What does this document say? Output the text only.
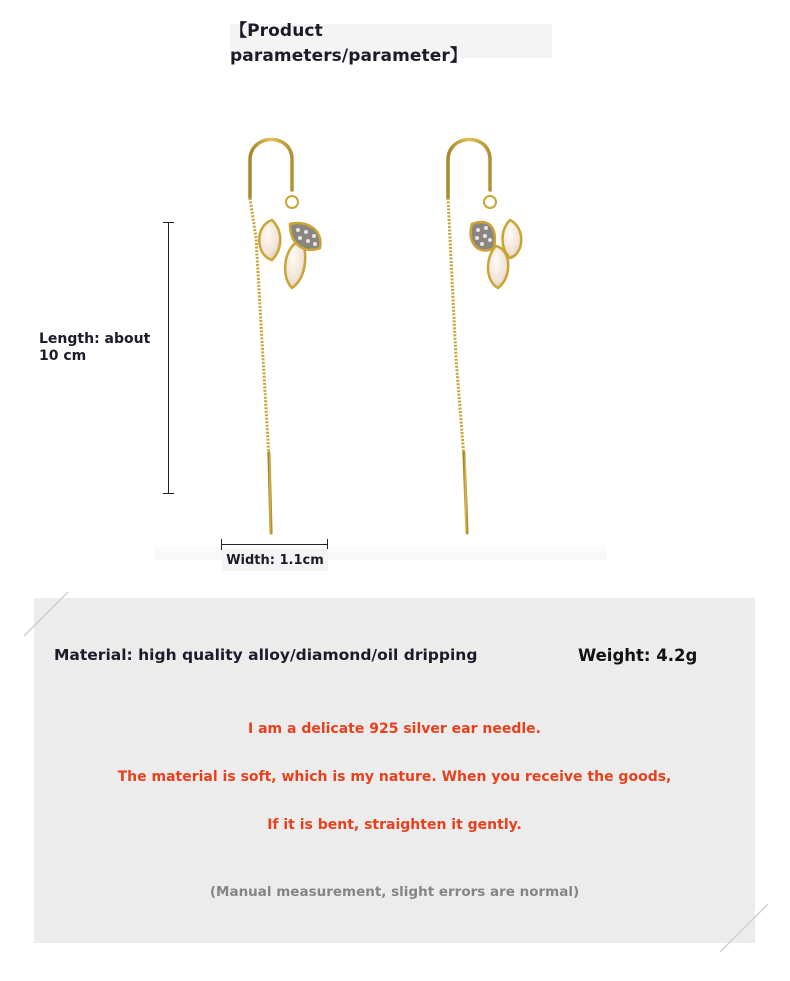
【Product parameters/parameter】
Length: about 10 cm
Width: 1.1cm
Material: high quality alloy/diamond/oil dripping	Weight: 4.2g
I am a delicate 925 silver ear needle.
The material is soft, which is my nature. When you receive the goods,
If it is bent, straighten it gently.
(Manual measurement, slight errors are normal)
